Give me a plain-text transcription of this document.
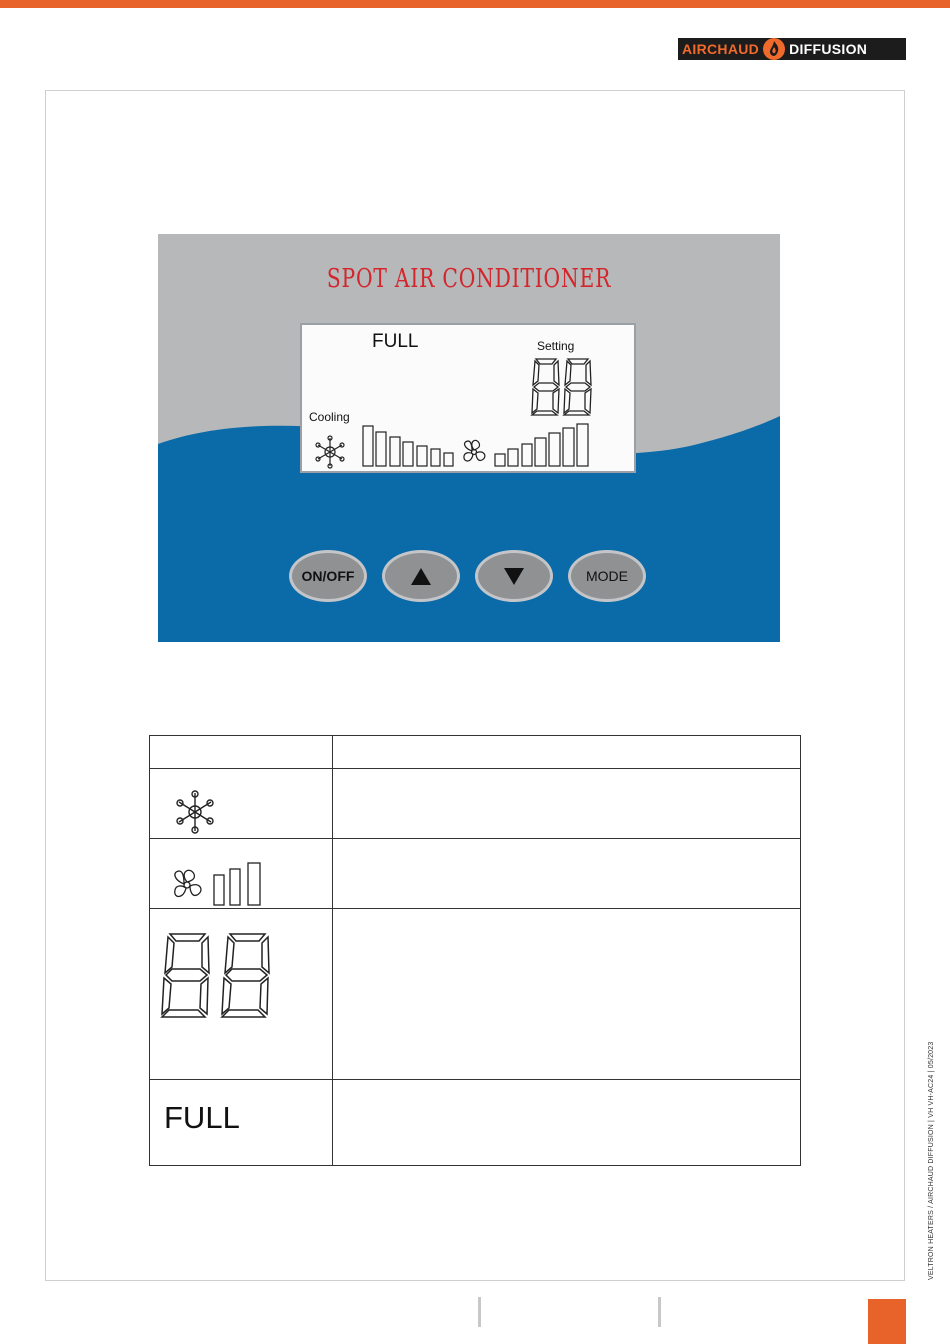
AIRCHAUD DIFFUSION
SPOT AIR CONDITIONER
FULL	Setting
Cooling
ON/OFF	MODE

FULL	
		VELTRON HEATERS / AIRCHAUD DIFFUSION | VH VH-AC24 | 05/2023
